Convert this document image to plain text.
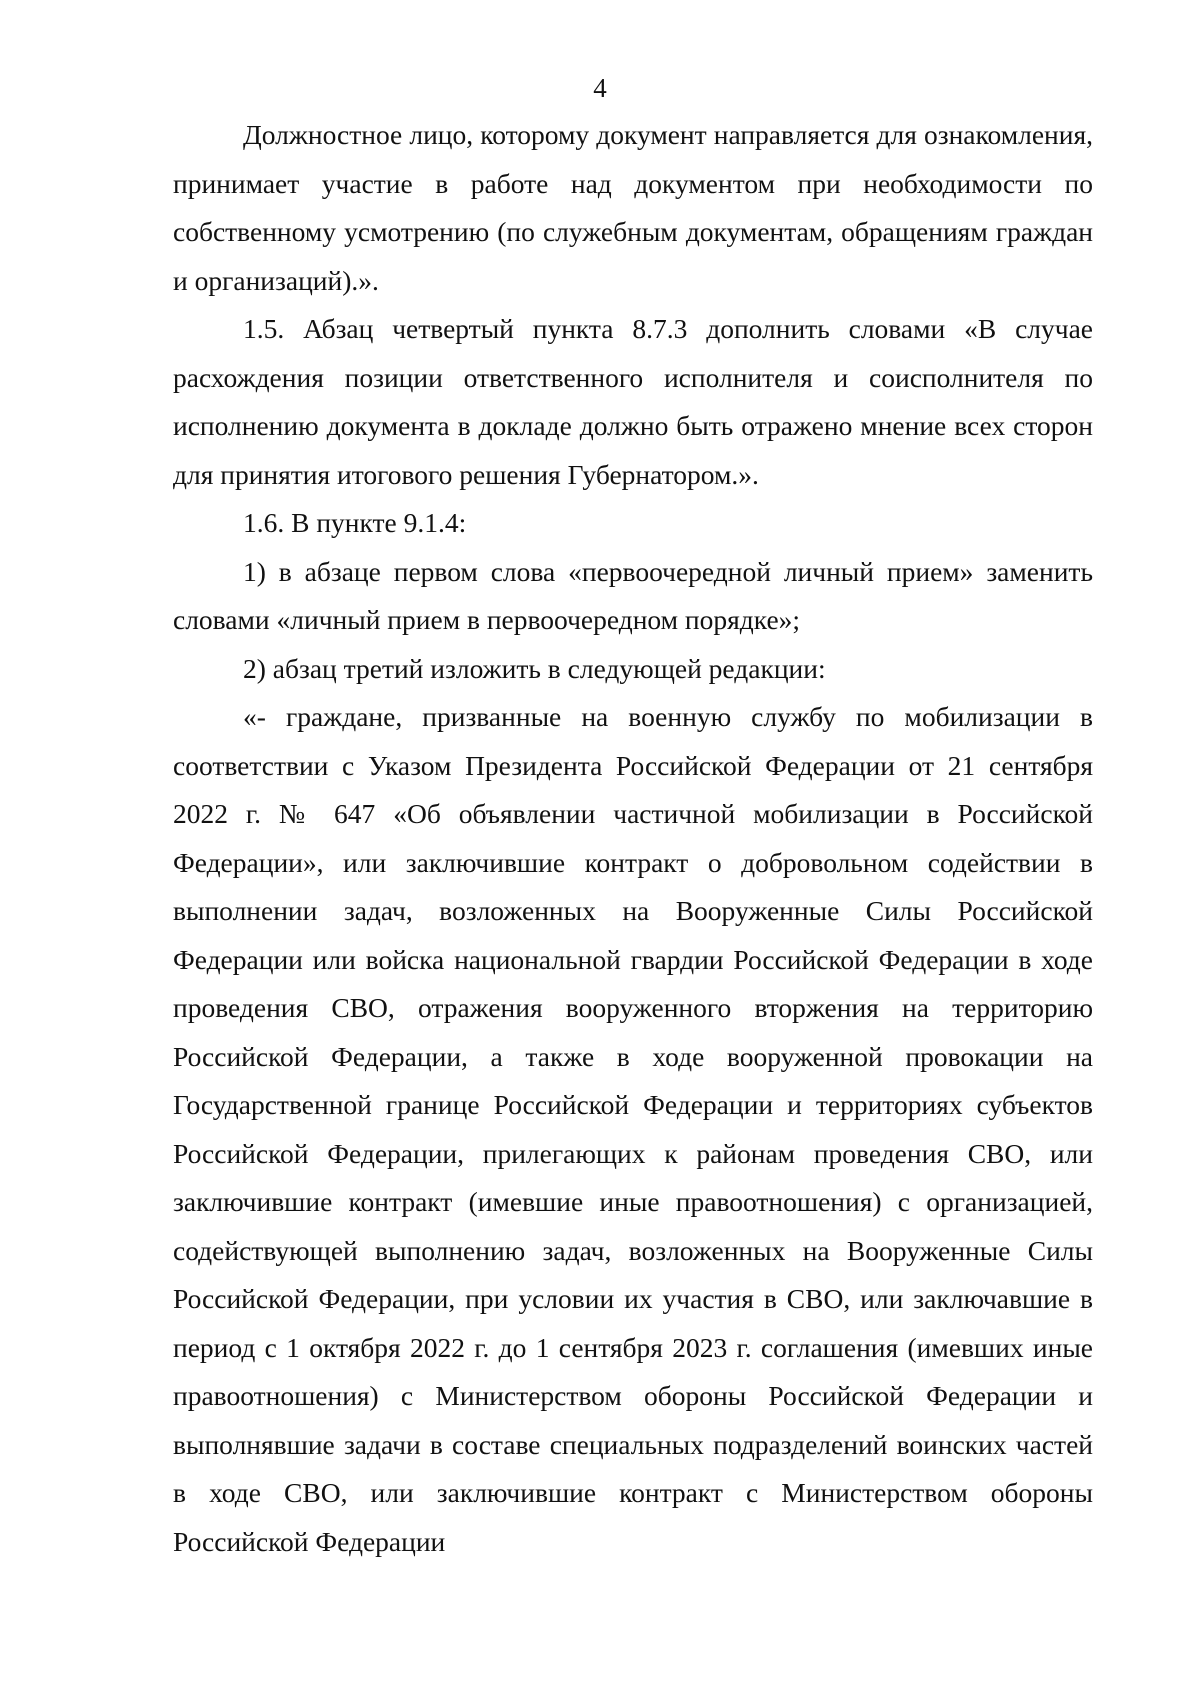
4

Должностное лицо, которому документ направляется для ознакомления, принимает участие в работе над документом при необходимости по собственному усмотрению (по служебным документам, обращениям граждан и организаций).».

1.5. Абзац четвертый пункта 8.7.3 дополнить словами «В случае расхождения позиции ответственного исполнителя и соисполнителя по исполнению документа в докладе должно быть отражено мнение всех сторон для принятия итогового решения Губернатором.».

1.6. В пункте 9.1.4:

1) в абзаце первом слова «первоочередной личный прием» заменить словами «личный прием в первоочередном порядке»;

2) абзац третий изложить в следующей редакции:

«- граждане, призванные на военную службу по мобилизации в соответствии с Указом Президента Российской Федерации от 21 сентября 2022 г. № 647 «Об объявлении частичной мобилизации в Российской Федерации», или заключившие контракт о добровольном содействии в выполнении задач, возложенных на Вооруженные Силы Российской Федерации или войска национальной гвардии Российской Федерации в ходе проведения СВО, отражения вооруженного вторжения на территорию Российской Федерации, а также в ходе вооруженной провокации на Государственной границе Российской Федерации и территориях субъектов Российской Федерации, прилегающих к районам проведения СВО, или заключившие контракт (имевшие иные правоотношения) с организацией, содействующей выполнению задач, возложенных на Вооруженные Силы Российской Федерации, при условии их участия в СВО, или заключавшие в период с 1 октября 2022 г. до 1 сентября 2023 г. соглашения (имевших иные правоотношения) с Министерством обороны Российской Федерации и выполнявшие задачи в составе специальных подразделений воинских частей в ходе СВО, или заключившие контракт с Министерством обороны Российской Федерации
